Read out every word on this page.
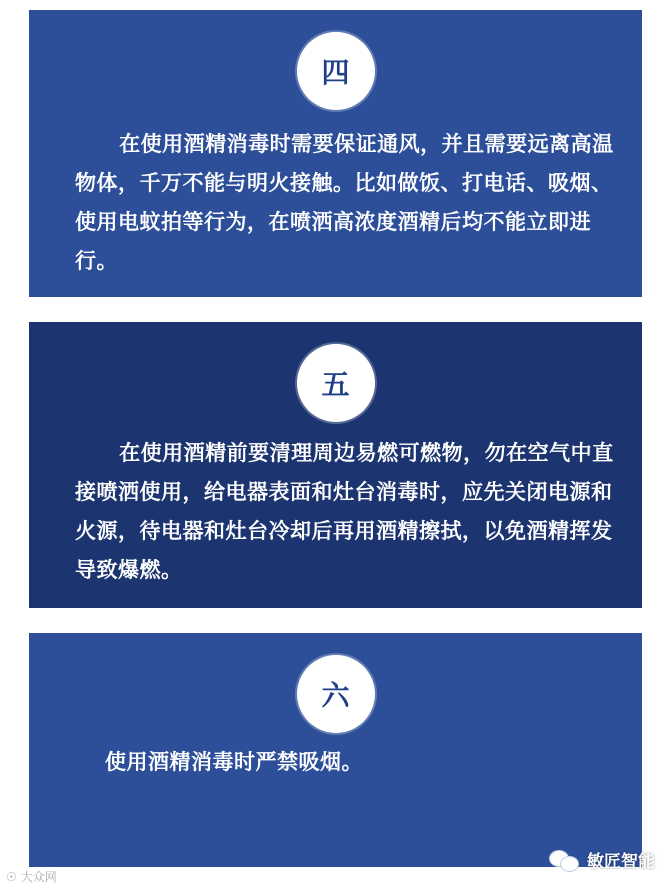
四
在使用酒精消毒时需要保证通风，并且需要远离高温物体，千万不能与明火接触。比如做饭、打电话、吸烟、使用电蚊拍等行为，在喷洒高浓度酒精后均不能立即进行。
五
在使用酒精前要清理周边易燃可燃物，勿在空气中直接喷洒使用，给电器表面和灶台消毒时，应先关闭电源和火源，待电器和灶台冷却后再用酒精擦拭，以免酒精挥发导致爆燃。
六
使用酒精消毒时严禁吸烟。
敏匠智能
☉ 大众网
